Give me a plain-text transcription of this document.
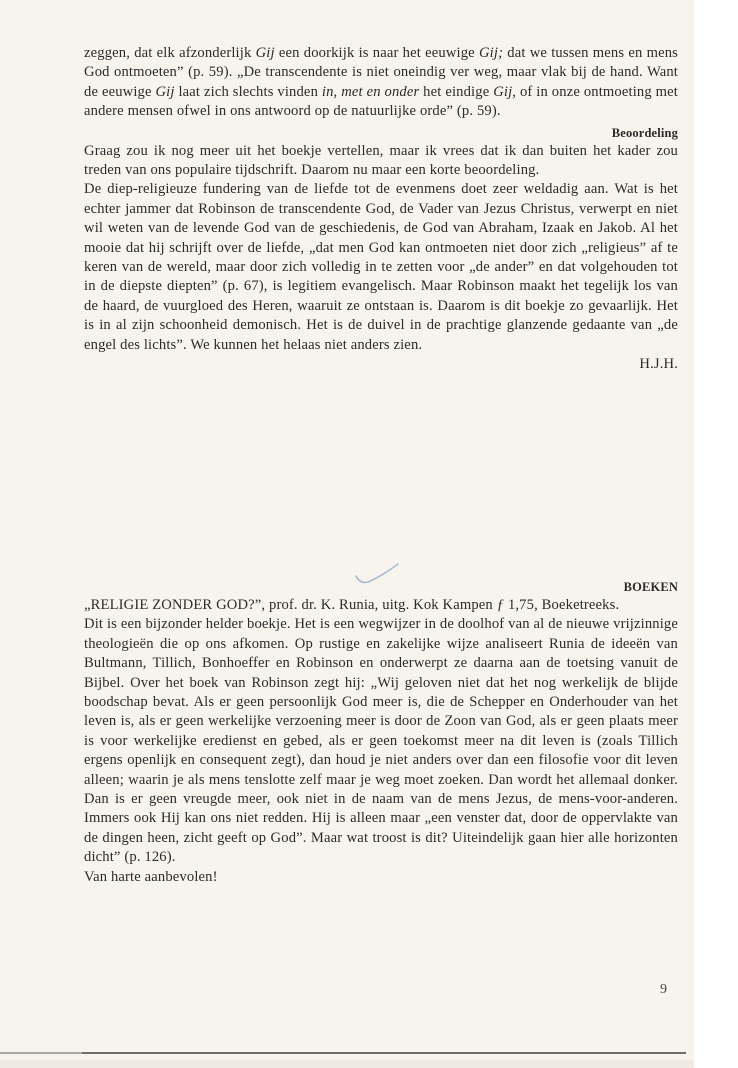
zeggen, dat elk afzonderlijk Gij een doorkijk is naar het eeuwige Gij; dat we tussen mens en mens God ontmoeten” (p. 59). „De transcendente is niet oneindig ver weg, maar vlak bij de hand. Want de eeuwige Gij laat zich slechts vinden in, met en onder het eindige Gij, of in onze ontmoeting met andere mensen ofwel in ons antwoord op de natuurlijke orde” (p. 59).

Beoordeling

Graag zou ik nog meer uit het boekje vertellen, maar ik vrees dat ik dan buiten het kader zou treden van ons populaire tijdschrift. Daarom nu maar een korte beoordeling.

De diep-religieuze fundering van de liefde tot de evenmens doet zeer weldadig aan. Wat is het echter jammer dat Robinson de transcendente God, de Vader van Jezus Christus, verwerpt en niet wil weten van de levende God van de geschiedenis, de God van Abraham, Izaak en Jakob. Al het mooie dat hij schrijft over de liefde, „dat men God kan ontmoeten niet door zich „religieus” af te keren van de wereld, maar door zich volledig in te zetten voor „de ander” en dat volgehouden tot in de diepste diepten” (p. 67), is legitiem evangelisch. Maar Robinson maakt het tegelijk los van de haard, de vuurgloed des Heren, waaruit ze ontstaan is. Daarom is dit boekje zo gevaarlijk. Het is in al zijn schoonheid demonisch. Het is de duivel in de prachtige glanzende gedaante van „de engel des lichts”. We kunnen het helaas niet anders zien.

H.J.H.

BOEKEN

„RELIGIE ZONDER GOD?”, prof. dr. K. Runia, uitg. Kok Kampen ƒ 1,75, Boeketreeks.

Dit is een bijzonder helder boekje. Het is een wegwijzer in de doolhof van al de nieuwe vrijzinnige theologieën die op ons afkomen. Op rustige en zakelijke wijze analiseert Runia de ideeën van Bultmann, Tillich, Bonhoeffer en Robinson en onderwerpt ze daarna aan de toetsing vanuit de Bijbel. Over het boek van Robinson zegt hij: „Wij geloven niet dat het nog werkelijk de blijde boodschap bevat. Als er geen persoonlijk God meer is, die de Schepper en Onderhouder van het leven is, als er geen werkelijke verzoening meer is door de Zoon van God, als er geen plaats meer is voor werkelijke eredienst en gebed, als er geen toekomst meer na dit leven is (zoals Tillich ergens openlijk en consequent zegt), dan houd je niet anders over dan een filosofie voor dit leven alleen; waarin je als mens tenslotte zelf maar je weg moet zoeken. Dan wordt het allemaal donker. Dan is er geen vreugde meer, ook niet in de naam van de mens Jezus, de mens-voor-anderen. Immers ook Hij kan ons niet redden. Hij is alleen maar „een venster dat, door de oppervlakte van de dingen heen, zicht geeft op God”. Maar wat troost is dit? Uiteindelijk gaan hier alle horizonten dicht” (p. 126).

Van harte aanbevolen!

9
